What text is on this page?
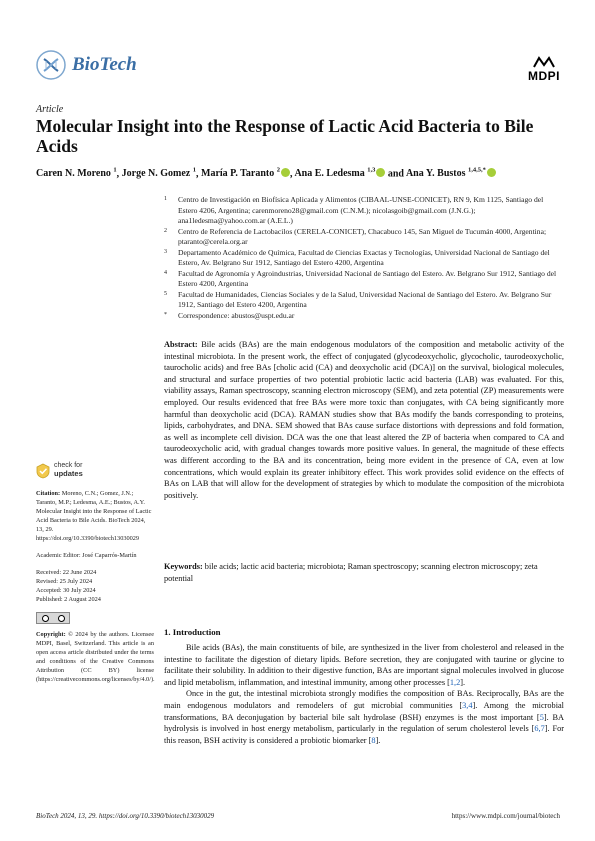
BioTech
MDPI
Article
Molecular Insight into the Response of Lactic Acid Bacteria to Bile Acids
Caren N. Moreno $^1$, Jorge N. Gomez $^1$, María P. Taranto $^2$ , Ana E. Ledesma $^{1,3}$ and Ana Y. Bustos $^{1,4,5,*}$
1	Centro de Investigación en Biofísica Aplicada y Alimentos (CIBAAL-UNSE-CONICET), RN 9, Km 1125, Santiago del Estero 4206, Argentina; carenmoreno28@gmail.com (C.N.M.); nicolasgoib@gmail.com (J.N.G.); ana1ledesma@yahoo.com.ar (A.E.L.)
2	Centro de Referencia de Lactobacilos (CERELA-CONICET), Chacabuco 145, San Miguel de Tucumán 4000, Argentina; ptaranto@cerela.org.ar
3	Departamento Académico de Química, Facultad de Ciencias Exactas y Tecnologías, Universidad Nacional de Santiago del Estero, Av. Belgrano Sur 1912, Santiago del Estero 4200, Argentina
4	Facultad de Agronomía y Agroindustrias, Universidad Nacional de Santiago del Estero. Av. Belgrano Sur 1912, Santiago del Estero 4200, Argentina
5	Facultad de Humanidades, Ciencias Sociales y de la Salud, Universidad Nacional de Santiago del Estero. Av. Belgrano Sur 1912, Santiago del Estero 4200, Argentina
*	Correspondence: abustos@uspt.edu.ar
Abstract: Bile acids (BAs) are the main endogenous modulators of the composition and metabolic activity of the intestinal microbiota. In the present work, the effect of conjugated (glycodeoxycholic, glycocholic, taurodeoxycholic, taurocholic acids) and free BAs [cholic acid (CA) and deoxycholic acid (DCA)] on the survival, biological molecules, and structural and surface properties of two potential probiotic lactic acid bacteria (LAB) was evaluated. For this, viability assays, Raman spectroscopy, scanning electron microscopy (SEM), and zeta potential (ZP) measurements were employed. Our results evidenced that free BAs were more toxic than conjugates, with CA being significantly more harmful than deoxycholic acid (DCA). RAMAN studies show that BAs modify the bands corresponding to proteins, lipids, carbohydrates, and DNA. SEM showed that BAs cause surface distortions with depressions and fold formation, as well as incomplete cell division. DCA was the one that least altered the ZP of bacteria when compared to CA and taurodeoxycholic acid, with gradual changes towards more positive values. In general, the magnitude of these effects was different according to the BA and its concentration, being more evident in the presence of CA, even at low concentrations, which would explain its greater inhibitory effect. This work provides solid evidence on the effects of BAs on LAB that will allow for the development of strategies by which to modulate the composition of the microbiota positively.
Keywords: bile acids; lactic acid bacteria; microbiota; Raman spectroscopy; scanning electron microscopy; zeta potential
check for
updates
Citation: Moreno, C.N.; Gomez, J.N.; Taranto, M.P.; Ledesma, A.E.; Bustos, A.Y. Molecular Insight into the Response of Lactic Acid Bacteria to Bile Acids. BioTech 2024, 13, 29. https://doi.org/10.3390/biotech13030029
Academic Editor: José Caparrós-Martín
Received: 22 June 2024
Revised: 25 July 2024
Accepted: 30 July 2024
Published: 2 August 2024
Copyright: © 2024 by the authors. Licensee MDPI, Basel, Switzerland. This article is an open access article distributed under the terms and conditions of the Creative Commons Attribution (CC BY) license (https://creativecommons.org/licenses/by/4.0/).
1. Introduction

Bile acids (BAs), the main constituents of bile, are synthesized in the liver from cholesterol and released in the intestine to facilitate the digestion of dietary lipids. Before secretion, they are conjugated with taurine or glycine to facilitate their solubility. In addition to their digestive function, BAs are important signal molecules involved in glucose and lipid metabolism, inflammation, and intestinal immunity, among other processes [1,2].

Once in the gut, the intestinal microbiota strongly modifies the composition of BAs. Reciprocally, BAs are the main endogenous modulators and remodelers of gut microbial communities [3,4]. Among the microbial transformations, BA deconjugation by bacterial bile salt hydrolase (BSH) enzymes is the most important [5]. BA hydrolysis is involved in host energy metabolism, particularly in the regulation of serum cholesterol levels [6,7]. For this reason, BSH activity is considered a probiotic biomarker [8].

BioTech 2024, 13, 29. https://doi.org/10.3390/biotech13030029	https://www.mdpi.com/journal/biotech
